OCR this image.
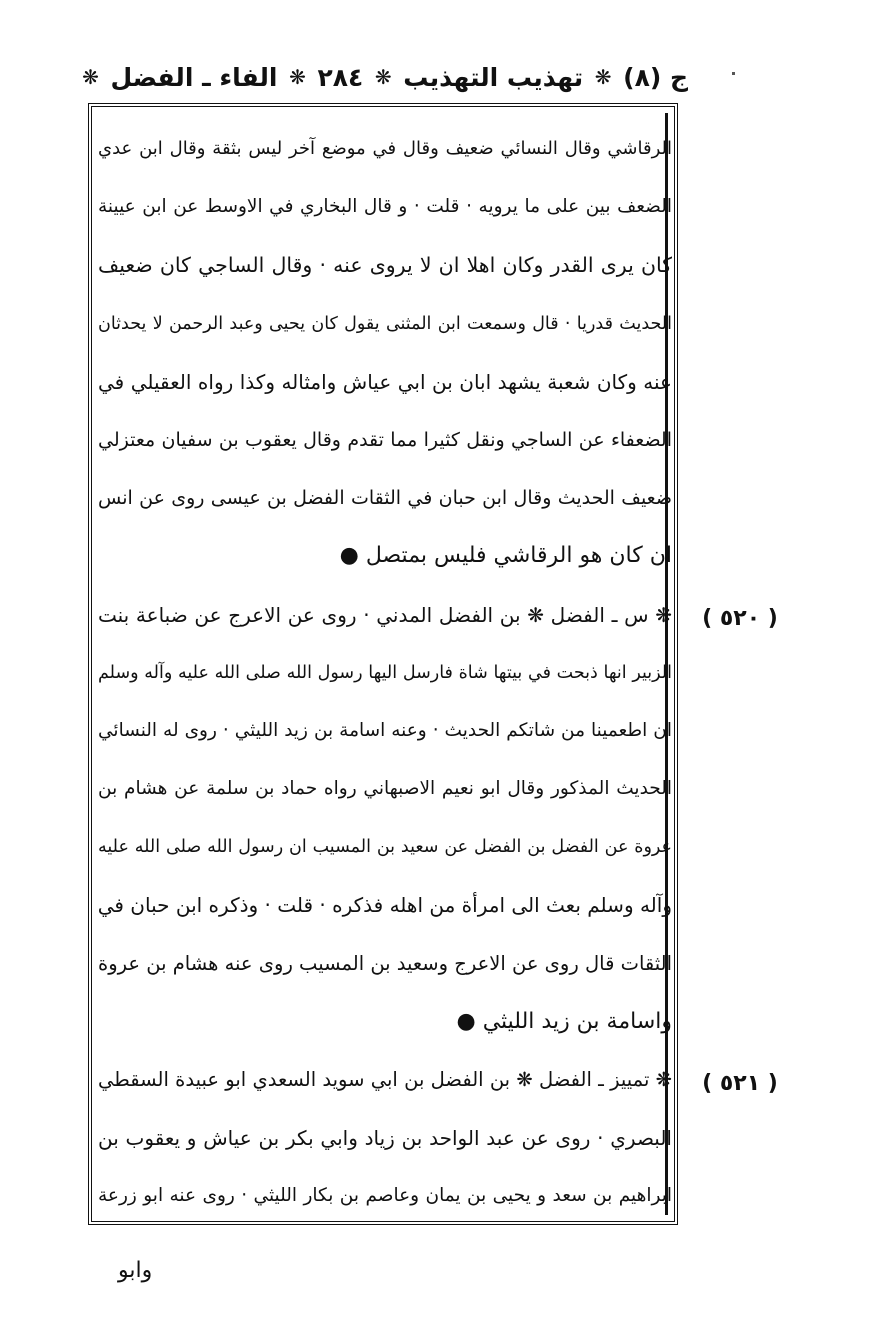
ج (٨)
❋
تهذيب التهذيب
❋
٢٨٤
❋
الفاء ـ الفضل
❋
الرقاشي وقال النسائي ضعيف وقال في موضع آخر ليس بثقة وقال ابن عدي
الضعف بين على ما يرويه · قلت · و قال البخاري في الاوسط عن ابن عيينة
كان يرى القدر وكان اهلا ان لا يروى عنه · وقال الساجي كان ضعيف
الحديث قدريا · قال وسمعت ابن المثنى يقول كان يحيى وعبد الرحمن لا يحدثان
عنه وكان شعبة يشهد ابان بن ابي عياش وامثاله وكذا رواه العقيلي في
الضعفاء عن الساجي ونقل كثيرا مما تقدم وقال يعقوب بن سفيان معتزلي
ضعيف الحديث وقال ابن حبان في الثقات الفضل بن عيسى روى عن انس
ان كان هو الرقاشي فليس بمتصل ●
❋ س ـ الفضل ❋ بن الفضل المدني · روى عن الاعرج عن ضباعة بنت
الزبير انها ذبحت في بيتها شاة فارسل اليها رسول الله صلى الله عليه وآله وسلم
ان اطعمينا من شاتكم الحديث · وعنه اسامة بن زيد الليثي · روى له النسائي
الحديث المذكور وقال ابو نعيم الاصبهاني رواه حماد بن سلمة عن هشام بن
عروة عن الفضل بن الفضل عن سعيد بن المسيب ان رسول الله صلى الله عليه
وآله وسلم بعث الى امرأة من اهله فذكره · قلت · وذكره ابن حبان في
الثقات قال روى عن الاعرج وسعيد بن المسيب روى عنه هشام بن عروة
واسامة بن زيد الليثي ●
❋ تمييز ـ الفضل ❋ بن الفضل بن ابي سويد السعدي ابو عبيدة السقطي
البصري · روى عن عبد الواحد بن زياد وابي بكر بن عياش و يعقوب بن
ابراهيم بن سعد و يحيى بن يمان وعاصم بن بكار الليثي · روى عنه ابو زرعة
( ٥٢٠ )
( ٥٢١ )
وابو
